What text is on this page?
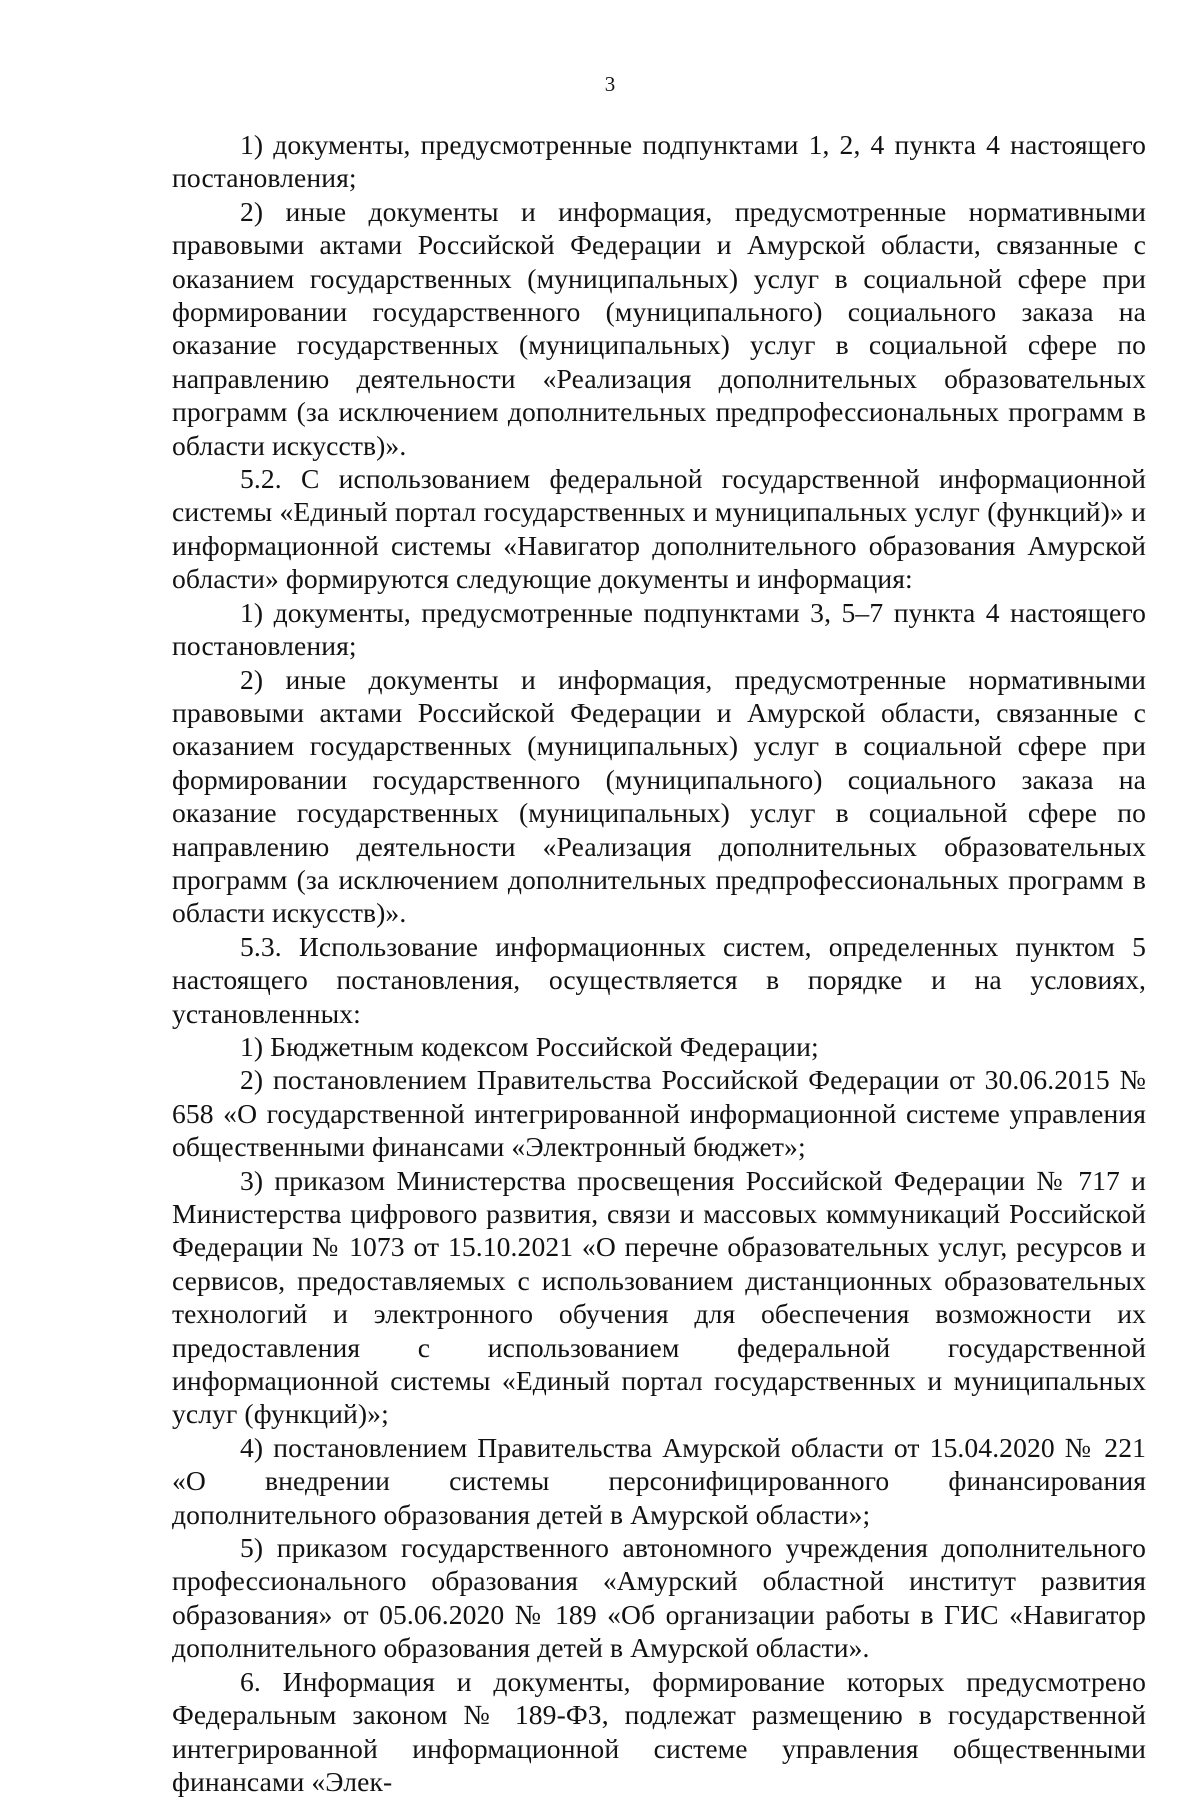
3

1) документы, предусмотренные подпунктами 1, 2, 4 пункта 4 настоящего постановления;

2) иные документы и информация, предусмотренные нормативными правовыми актами Российской Федерации и Амурской области, связанные с оказанием государственных (муниципальных) услуг в социальной сфере при формировании государственного (муниципального) социального заказа на оказание государственных (муниципальных) услуг в социальной сфере по направлению деятельности «Реализация дополнительных образовательных программ (за исключением дополнительных предпрофессиональных программ в области искусств)».

5.2. С использованием федеральной государственной информационной системы «Единый портал государственных и муниципальных услуг (функций)» и информационной системы «Навигатор дополнительного образования Амурской области» формируются следующие документы и информация:

1) документы, предусмотренные подпунктами 3, 5–7 пункта 4 настоящего постановления;

2) иные документы и информация, предусмотренные нормативными правовыми актами Российской Федерации и Амурской области, связанные с оказанием государственных (муниципальных) услуг в социальной сфере при формировании государственного (муниципального) социального заказа на оказание государственных (муниципальных) услуг в социальной сфере по направлению деятельности «Реализация дополнительных образовательных программ (за исключением дополнительных предпрофессиональных программ в области искусств)».

5.3. Использование информационных систем, определенных пунктом 5 настоящего постановления, осуществляется в порядке и на условиях, установленных:

1) Бюджетным кодексом Российской Федерации;

2) постановлением Правительства Российской Федерации от 30.06.2015 № 658 «О государственной интегрированной информационной системе управления общественными финансами «Электронный бюджет»;

3) приказом Министерства просвещения Российской Федерации № 717 и Министерства цифрового развития, связи и массовых коммуникаций Российской Федерации № 1073 от 15.10.2021 «О перечне образовательных услуг, ресурсов и сервисов, предоставляемых с использованием дистанционных образовательных технологий и электронного обучения для обеспечения возможности их предоставления с использованием федеральной государственной информационной системы «Единый портал государственных и муниципальных услуг (функций)»;

4) постановлением Правительства Амурской области от 15.04.2020 № 221 «О внедрении системы персонифицированного финансирования дополнительного образования детей в Амурской области»;

5) приказом государственного автономного учреждения дополнительного профессионального образования «Амурский областной институт развития образования» от 05.06.2020 № 189 «Об организации работы в ГИС «Навигатор дополнительного образования детей в Амурской области».

6. Информация и документы, формирование которых предусмотрено Федеральным законом № 189-ФЗ, подлежат размещению в государственной интегрированной информационной системе управления общественными финансами «Элек-
